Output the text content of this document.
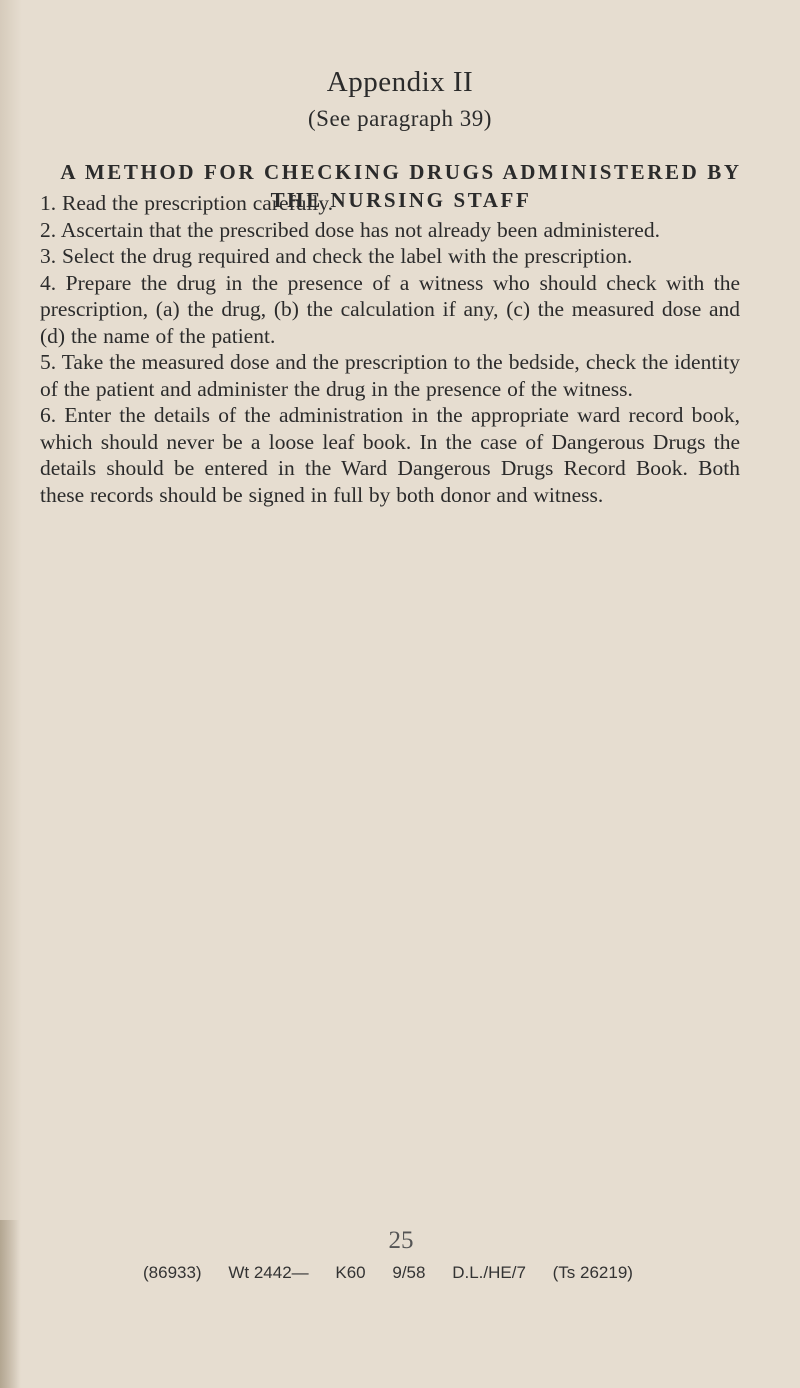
Appendix II
(See paragraph 39)
A METHOD FOR CHECKING DRUGS ADMINISTERED BY THE NURSING STAFF
1. Read the prescription carefully.
2. Ascertain that the prescribed dose has not already been administered.
3. Select the drug required and check the label with the prescription.
4. Prepare the drug in the presence of a witness who should check with the prescription, (a) the drug, (b) the calculation if any, (c) the measured dose and (d) the name of the patient.
5. Take the measured dose and the prescription to the bedside, check the identity of the patient and administer the drug in the presence of the witness.
6. Enter the details of the administration in the appropriate ward record book, which should never be a loose leaf book. In the case of Dangerous Drugs the details should be entered in the Ward Dangerous Drugs Record Book. Both these records should be signed in full by both donor and witness.
25
(86933) Wt 2442— K60 9/58 D.L./HE/7 (Ts 26219)
